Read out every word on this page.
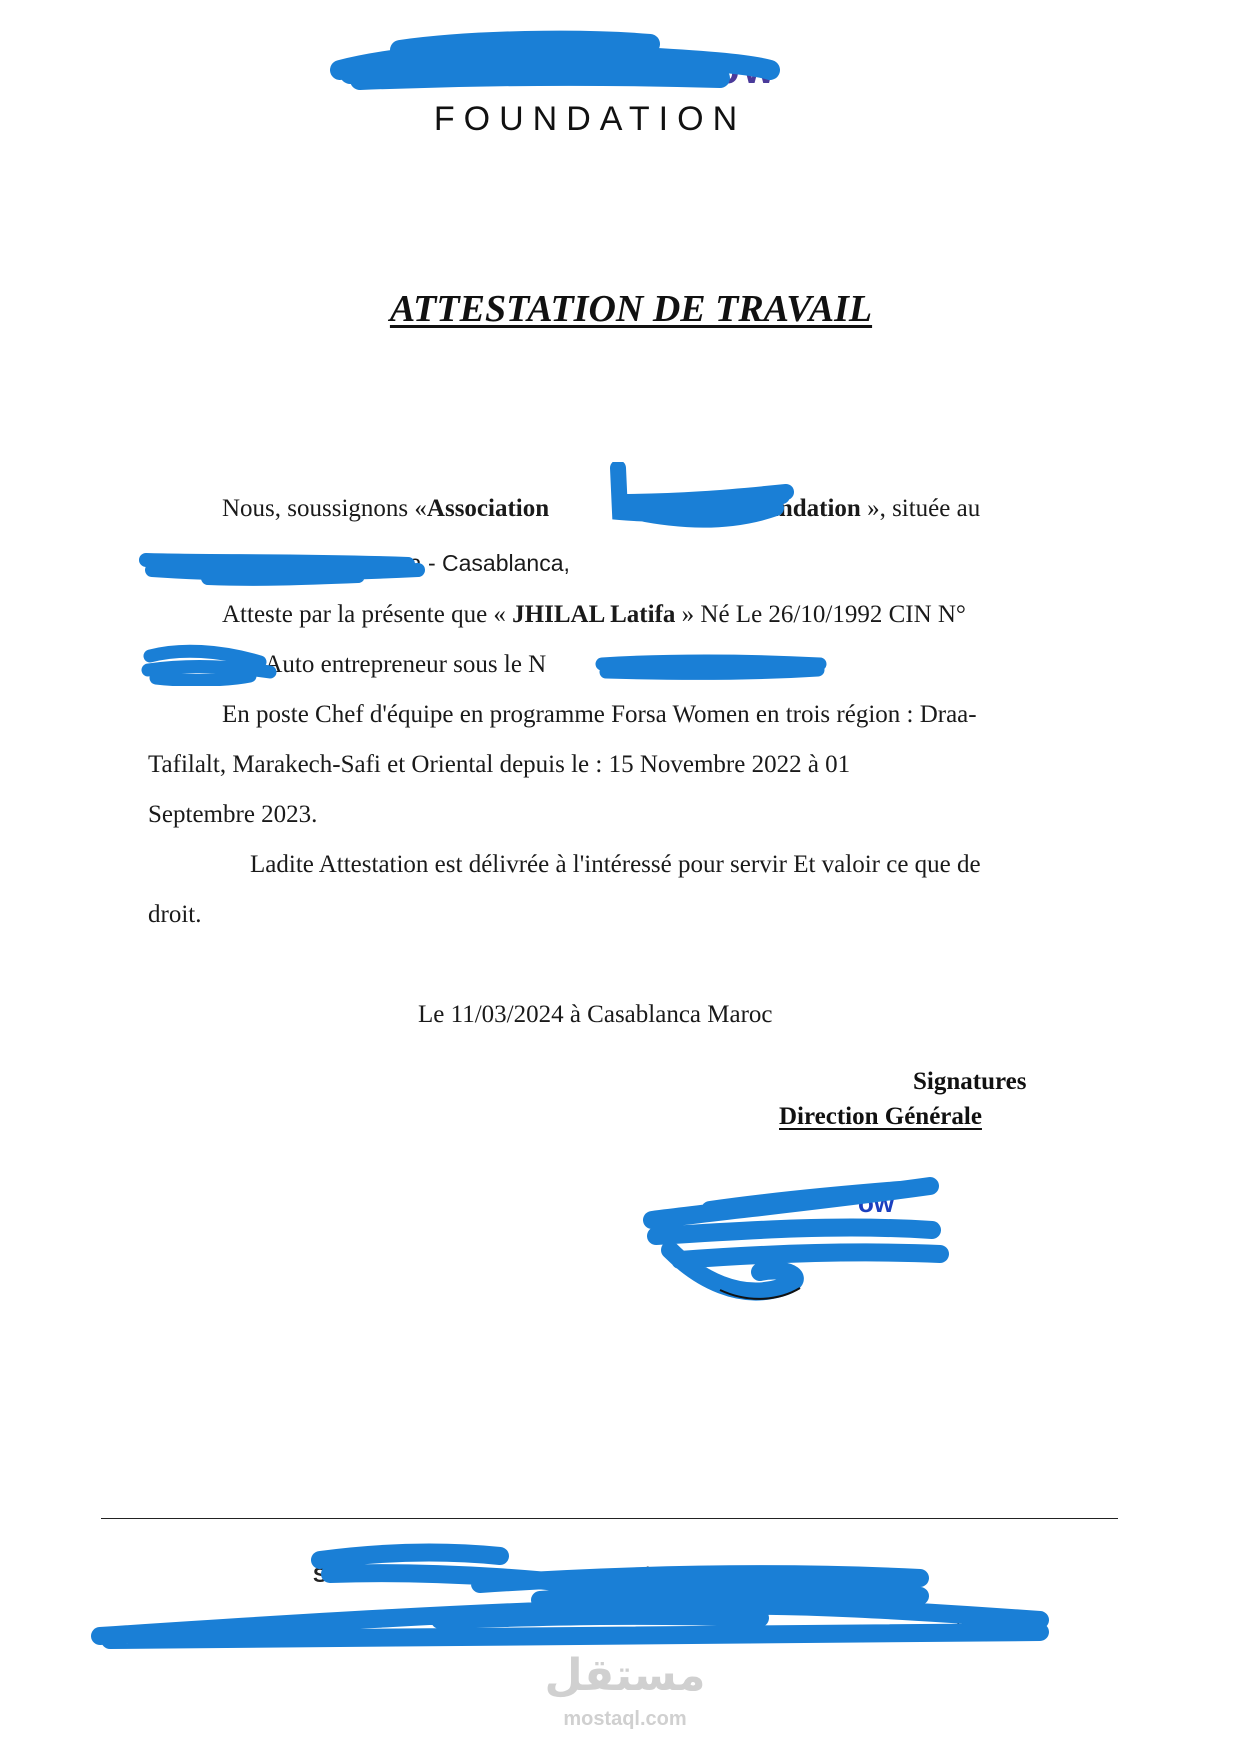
ow
FOUNDATION
ATTESTATION DE TRAVAIL
Nous, soussignons «Association	Foundation », située au
aa - Casablanca,
Atteste par la présente que « JHILAL Latifa » Né Le 26/10/1992 CIN N°
120 Auto entrepreneur sous le N	.
En poste Chef d'équipe en programme Forsa Women en trois région : Draa-
Tafilalt, Marakech-Safi et Oriental depuis le : 15 Novembre 2022 à 01
Septembre 2023.
Ladite Attestation est délivrée à l'intéressé pour servir Et valoir ce que de
droit.
Le 11/03/2024 à Casablanca Maroc
Signatures
Direction Générale
ow
Star	mme des j	roches
il.com
مستقل
mostaql.com
